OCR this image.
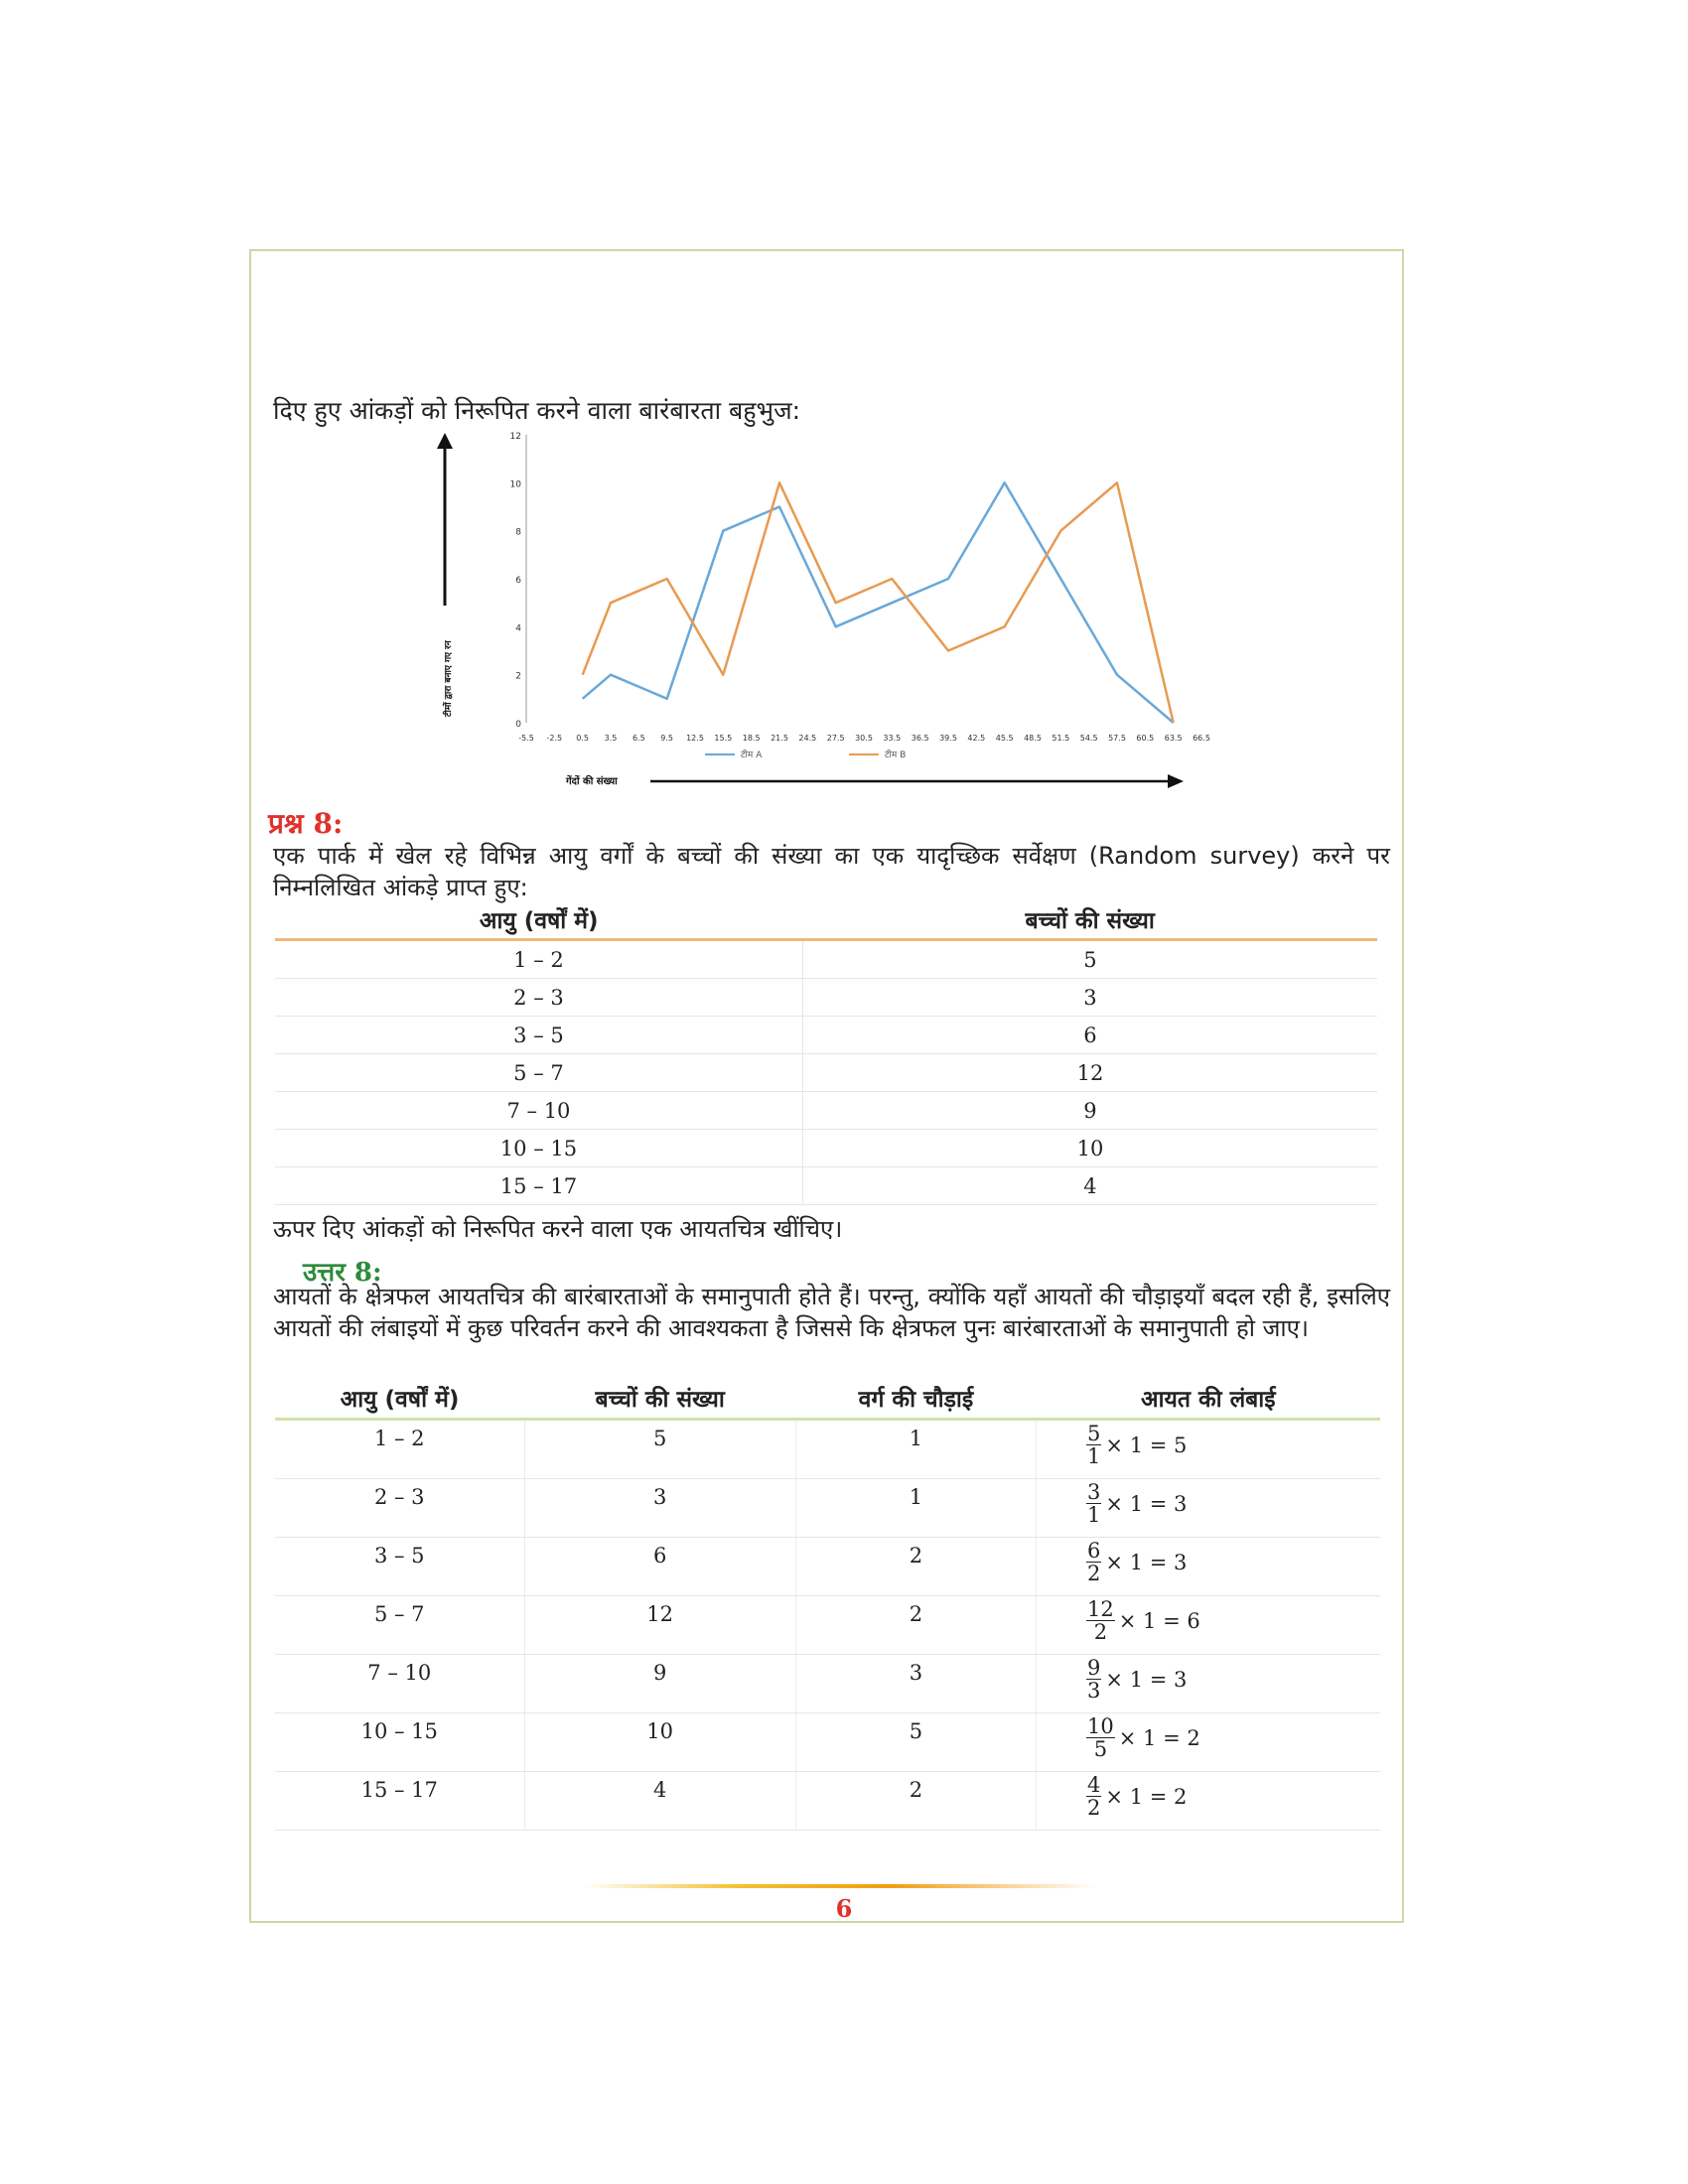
दिए हुए आंकड़ों को निरूपित करने वाला बारंबारता बहुभुज:
0
2
4
6
8
10
12
-5.5 -2.5 0.5 3.5 6.5 9.5 12.5 15.5 18.5 21.5 24.5 27.5 30.5 33.5 36.5 39.5 42.5 45.5 48.5 51.5 54.5 57.5 60.5 63.5 66.5
टीम A	टीम B
टीमों द्वारा बनाए गए रन
गेंदों की संख्या
प्रश्न 8:
एक पार्क में खेल रहे विभिन्न आयु वर्गों के बच्चों की संख्या का एक यादृच्छिक सर्वेक्षण (Random survey) करने पर निम्नलिखित आंकड़े प्राप्त हुए:
आयु (वर्षों में)	बच्चों की संख्या
1 – 2	5
2 – 3	3
3 – 5	6
5 – 7	12
7 – 10	9
10 – 15	10
15 – 17	4
ऊपर दिए आंकड़ों को निरूपित करने वाला एक आयतचित्र खींचिए।
उत्तर 8:
आयतों के क्षेत्रफल आयतचित्र की बारंबारताओं के समानुपाती होते हैं। परन्तु, क्योंकि यहाँ आयतों की चौड़ाइयाँ बदल रही हैं, इसलिए आयतों की लंबाइयों में कुछ परिवर्तन करने की आवश्यकता है जिससे कि क्षेत्रफल पुनः बारंबारताओं के समानुपाती हो जाए।
आयु (वर्षों में)	बच्चों की संख्या	वर्ग की चौड़ाई	आयत की लंबाई
1 – 2	5	1	$\frac{5}{1} \times 1 = 5$
2 – 3	3	1	$\frac{3}{1} \times 1 = 3$
3 – 5	6	2	$\frac{6}{2} \times 1 = 3$
5 – 7	12	2	$\frac{12}{2} \times 1 = 6$
7 – 10	9	3	$\frac{9}{3} \times 1 = 3$
10 – 15	10	5	$\frac{10}{5} \times 1 = 2$
15 – 17	4	2	$\frac{4}{2} \times 1 = 2$
6
